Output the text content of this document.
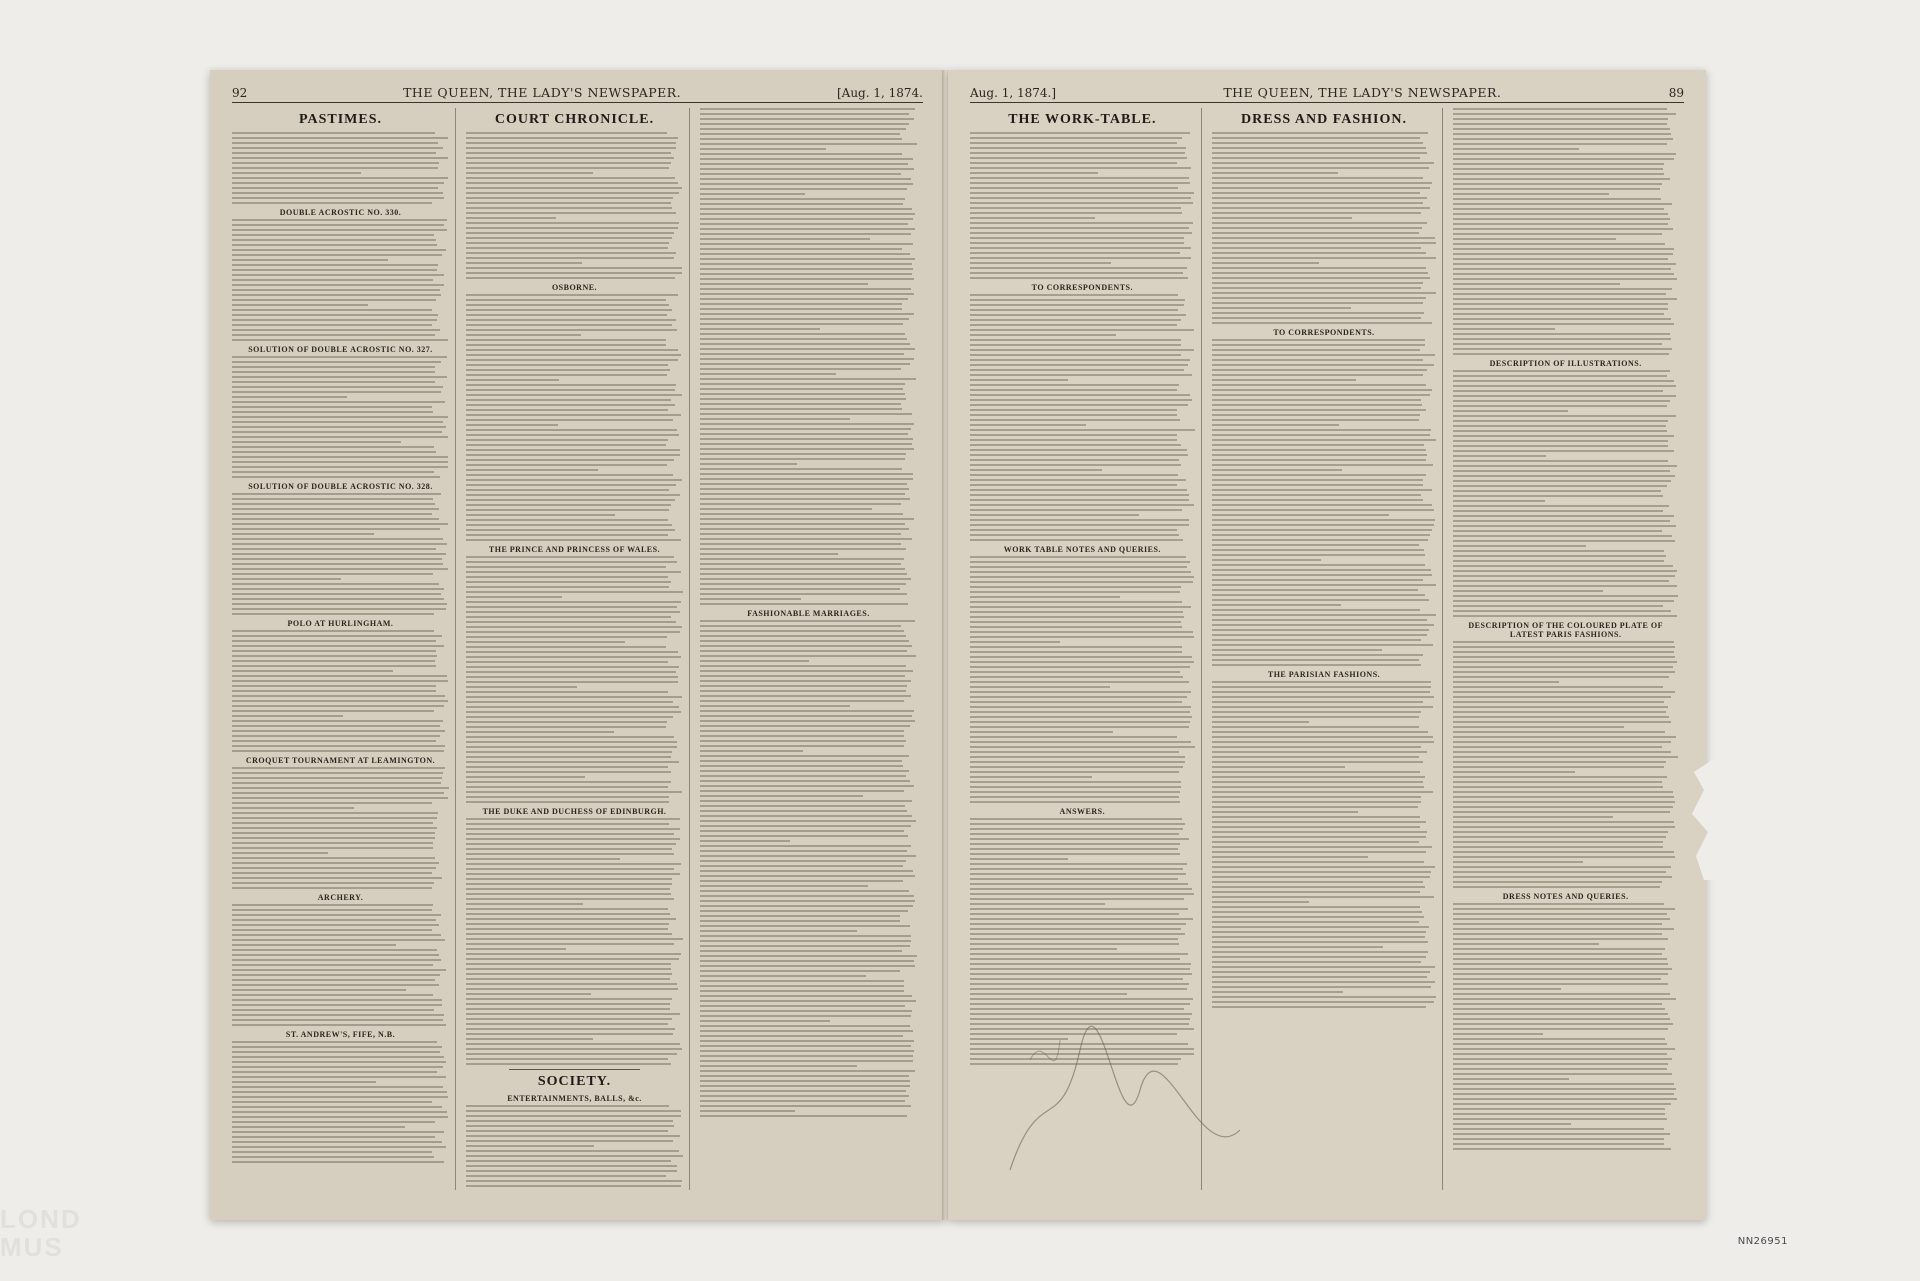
LOND MUS
92	THE QUEEN, THE LADY'S NEWSPAPER.	[Aug. 1, 1874.
PASTIMES.
DOUBLE ACROSTIC NO. 330.
SOLUTION OF DOUBLE ACROSTIC NO. 327.
SOLUTION OF DOUBLE ACROSTIC NO. 328.
POLO AT HURLINGHAM.
CROQUET TOURNAMENT AT LEAMINGTON.
ARCHERY.
ST. ANDREW'S, FIFE, N.B.
COURT CHRONICLE.
OSBORNE.
THE PRINCE AND PRINCESS OF WALES.
THE DUKE AND DUCHESS OF EDINBURGH.
SOCIETY.
ENTERTAINMENTS, BALLS, &c.
FASHIONABLE MARRIAGES.
Aug. 1, 1874.]	THE QUEEN, THE LADY'S NEWSPAPER.	89
THE WORK-TABLE.
TO CORRESPONDENTS.
WORK TABLE NOTES AND QUERIES.
ANSWERS.
DRESS AND FASHION.
TO CORRESPONDENTS.
THE PARISIAN FASHIONS.
DESCRIPTION OF ILLUSTRATIONS.
DESCRIPTION OF THE COLOURED PLATE OF LATEST PARIS FASHIONS.
DRESS NOTES AND QUERIES.
NN26951
